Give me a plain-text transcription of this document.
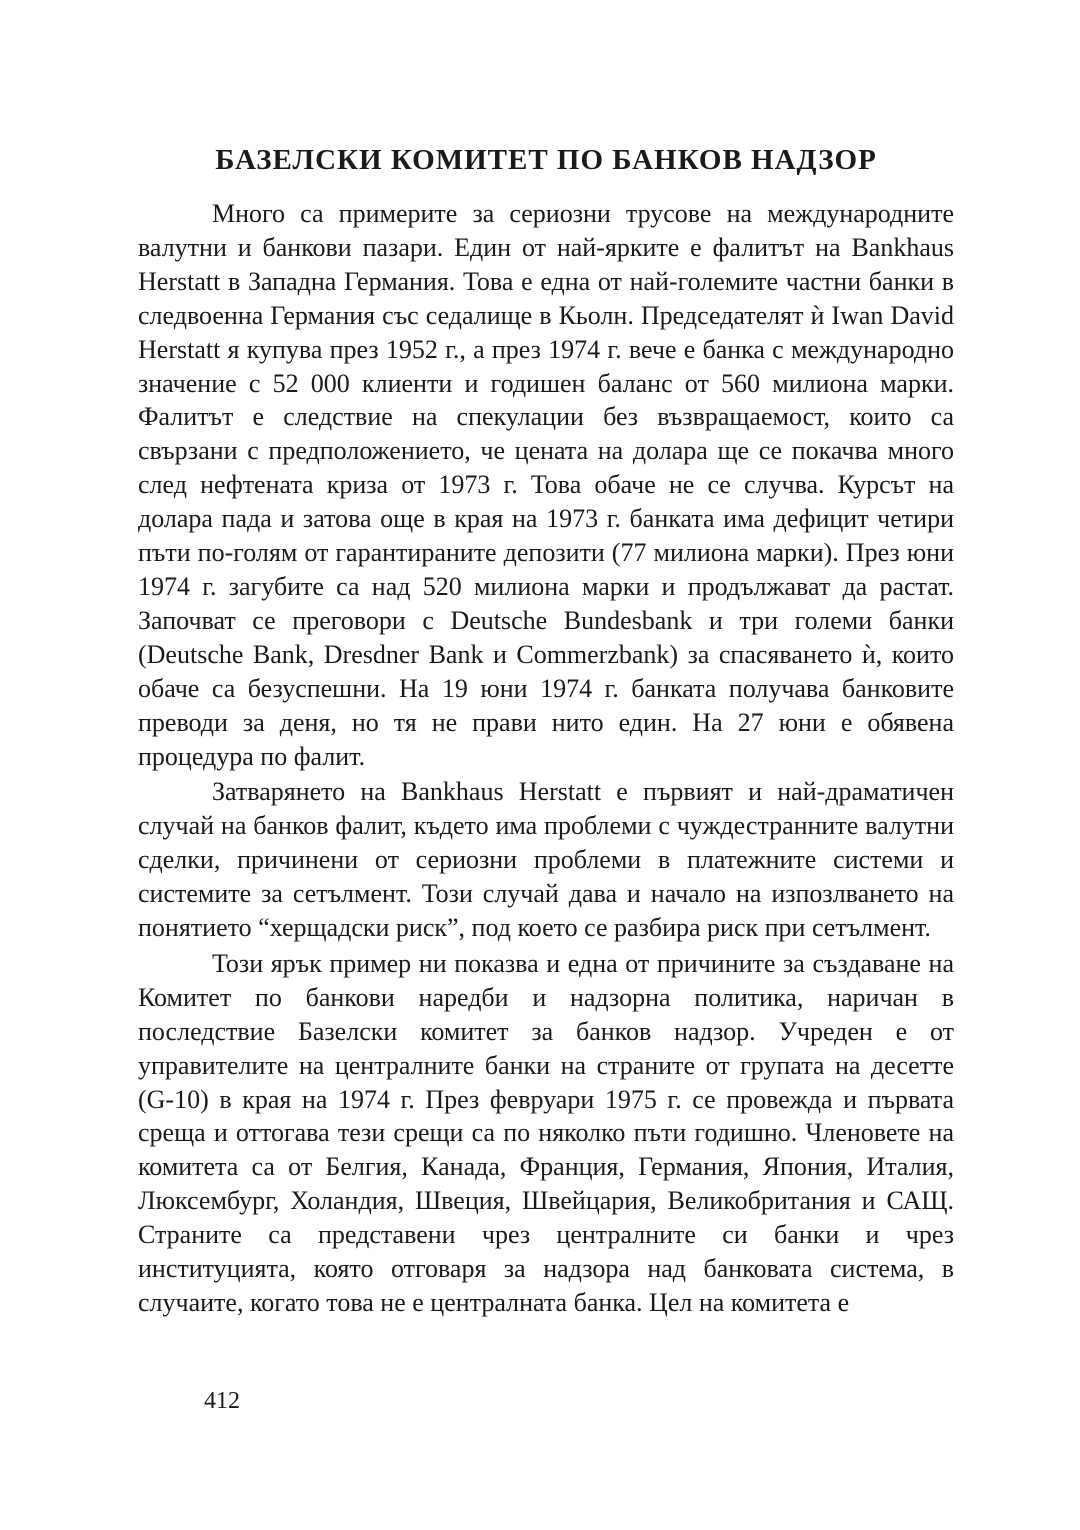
БАЗЕЛСКИ КОМИТЕТ ПО БАНКОВ НАДЗОР

Много са примерите за сериозни трусове на международните валутни и банкови пазари. Един от най-ярките е фалитът на Bankhaus Herstatt в Западна Германия. Това е една от най-големите частни банки в следвоенна Германия със седалище в Кьолн. Председателят ѝ Iwan David Herstatt я купува през 1952 г., а през 1974 г. вече е банка с международно значение с 52 000 клиенти и годишен баланс от 560 милиона марки. Фалитът е следствие на спекулации без възвращаемост, които са свързани с предположението, че цената на долара ще се покачва много след нефтената криза от 1973 г. Това обаче не се случва. Курсът на долара пада и затова още в края на 1973 г. банката има дефицит четири пъти по-голям от гарантираните депозити (77 милиона марки). През юни 1974 г. загубите са над 520 милиона марки и продължават да растат. Започват се преговори с Deutsche Bundesbank и три големи банки (Deutsche Bank, Dresdner Bank и Commerzbank) за спасяването ѝ, които обаче са безуспешни. На 19 юни 1974 г. банката получава банковите преводи за деня, но тя не прави нито един. На 27 юни е обявена процедура по фалит.

Затварянето на Bankhaus Herstatt е първият и най-драматичен случай на банков фалит, където има проблеми с чуждестранните валутни сделки, причинени от сериозни проблеми в платежните системи и системите за сетълмент. Този случай дава и начало на изпозлването на понятието “херщадски риск”, под което се разбира риск при сетълмент.

Този ярък пример ни показва и една от причините за създаване на Комитет по банкови наредби и надзорна политика, наричан в последствие Базелски комитет за банков надзор. Учреден е от управителите на централните банки на страните от групата на десетте (G-10) в края на 1974 г. През февруари 1975 г. се провежда и първата среща и оттогава тези срещи са по няколко пъти годишно. Членовете на комитета са от Белгия, Канада, Франция, Германия, Япония, Италия, Люксембург, Холандия, Швеция, Швейцария, Великобритания и САЩ. Страните са представени чрез централните си банки и чрез институцията, която отговаря за надзора над банковата система, в случаите, когато това не е централната банка. Цел на комитета е

412
